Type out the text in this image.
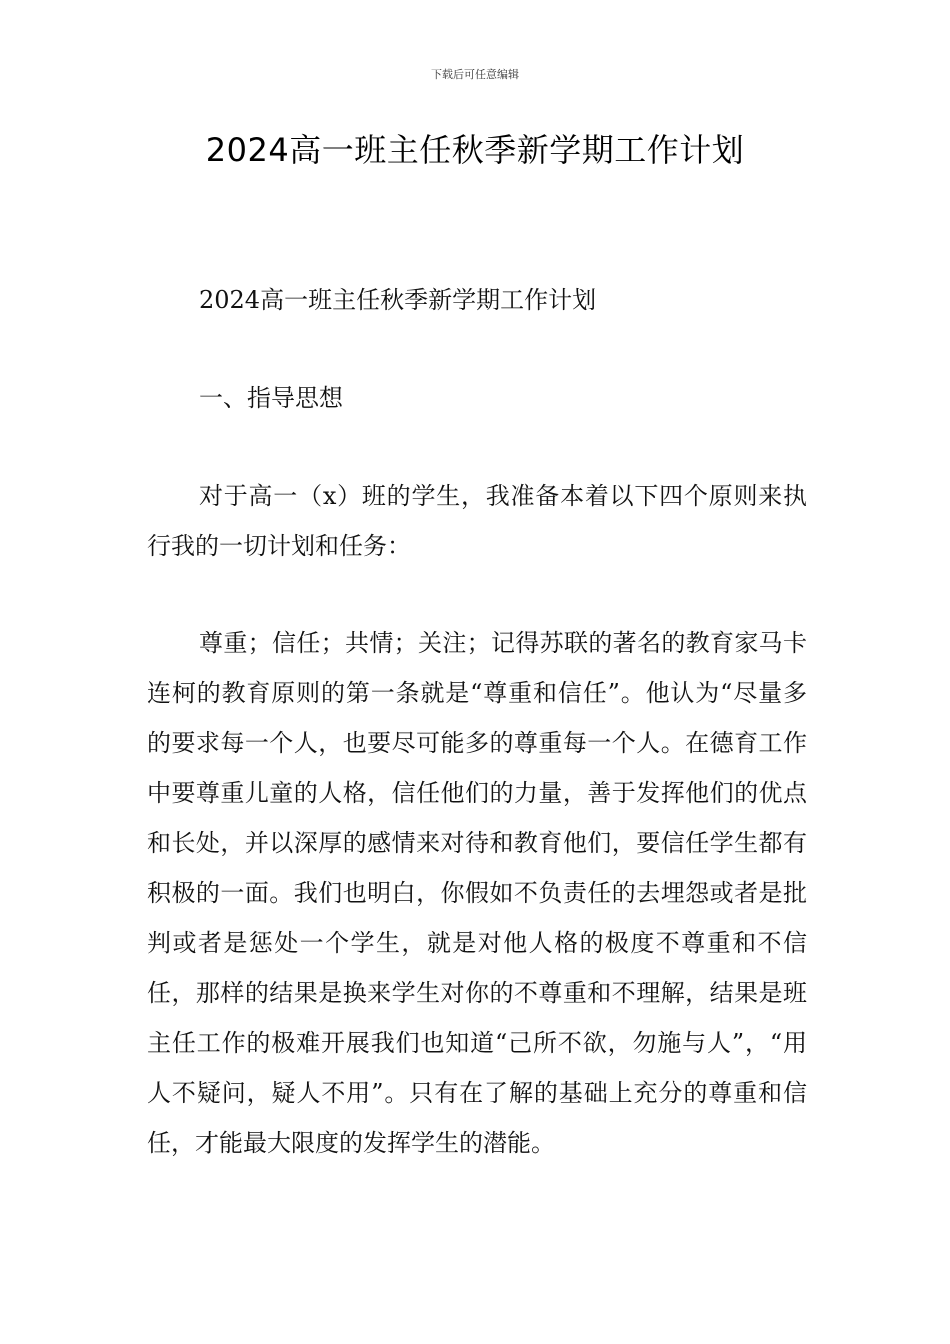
下载后可任意编辑
2024高一班主任秋季新学期工作计划

2024高一班主任秋季新学期工作计划

一、指导思想

对于高一（x）班的学生，我准备本着以下四个原则来执行我的一切计划和任务：

尊重；信任；共情；关注；记得苏联的著名的教育家马卡连柯的教育原则的第一条就是“尊重和信任”。他认为“尽量多的要求每一个人，也要尽可能多的尊重每一个人。在德育工作中要尊重儿童的人格，信任他们的力量，善于发挥他们的优点和长处，并以深厚的感情来对待和教育他们，要信任学生都有积极的一面。我们也明白，你假如不负责任的去埋怨或者是批判或者是惩处一个学生，就是对他人格的极度不尊重和不信任，那样的结果是换来学生对你的不尊重和不理解，结果是班主任工作的极难开展我们也知道“己所不欲，勿施与人”，“用人不疑问，疑人不用”。只有在了解的基础上充分的尊重和信任，才能最大限度的发挥学生的潜能。
